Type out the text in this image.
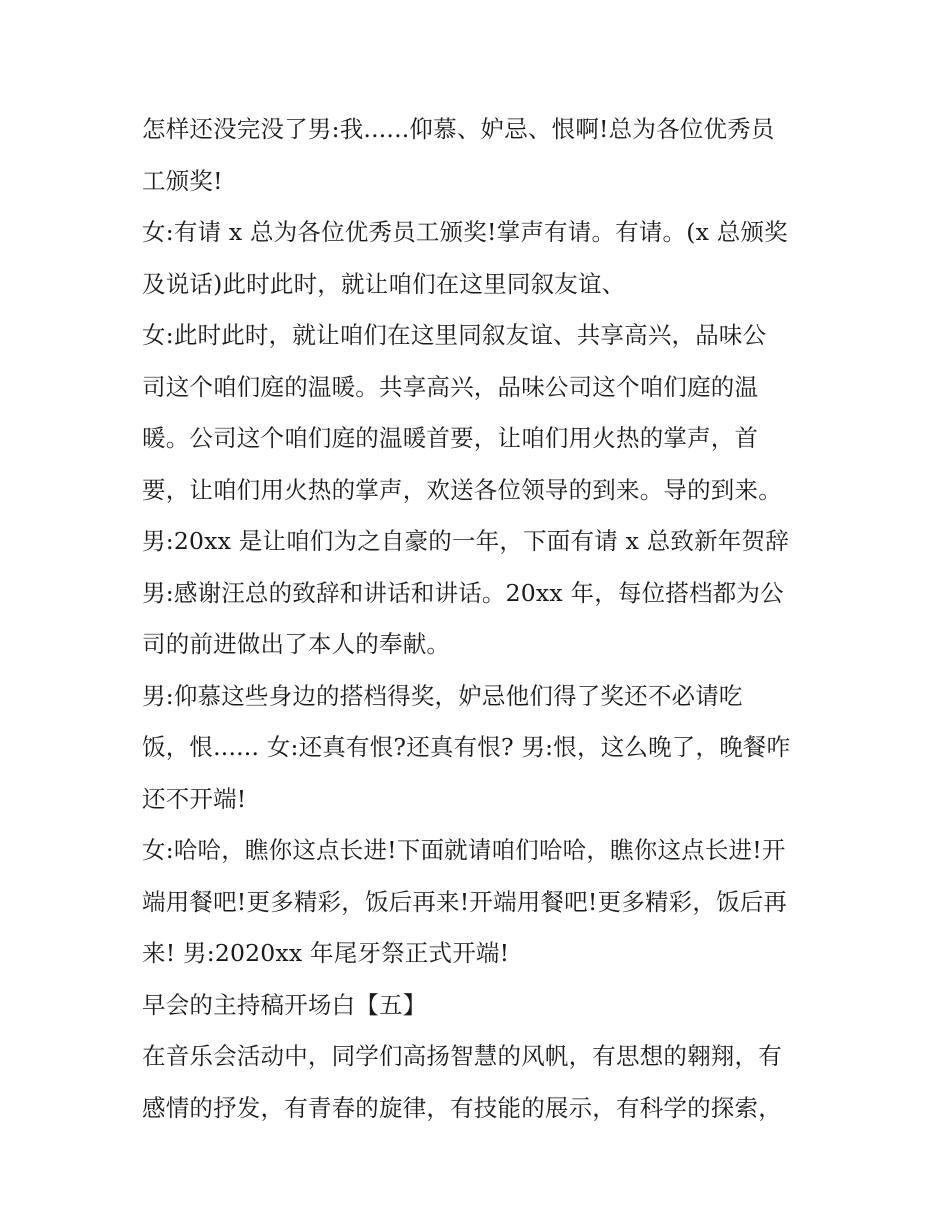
怎样还没完没了男:我......仰慕、妒忌、恨啊!总为各位优秀员
工颁奖!
女:有请 x 总为各位优秀员工颁奖!掌声有请。有请。(x 总颁奖
及说话)此时此时，就让咱们在这里同叙友谊、
女:此时此时，就让咱们在这里同叙友谊、共享高兴，品味公
司这个咱们庭的温暖。共享高兴，品味公司这个咱们庭的温
暖。公司这个咱们庭的温暖首要，让咱们用火热的掌声，首
要，让咱们用火热的掌声，欢送各位领导的到来。导的到来。
男:20xx 是让咱们为之自豪的一年，下面有请 x 总致新年贺辞
男:感谢汪总的致辞和讲话和讲话。20xx 年，每位搭档都为公
司的前进做出了本人的奉献。
男:仰慕这些身边的搭档得奖，妒忌他们得了奖还不必请吃
饭，恨...... 女:还真有恨?还真有恨? 男:恨，这么晚了，晚餐咋
还不开端!
女:哈哈，瞧你这点长进!下面就请咱们哈哈，瞧你这点长进!开
端用餐吧!更多精彩，饭后再来!开端用餐吧!更多精彩，饭后再
来! 男:2020xx 年尾牙祭正式开端!
早会的主持稿开场白【五】
在音乐会活动中，同学们高扬智慧的风帆，有思想的翱翔，有
感情的抒发，有青春的旋律，有技能的展示，有科学的探索，
